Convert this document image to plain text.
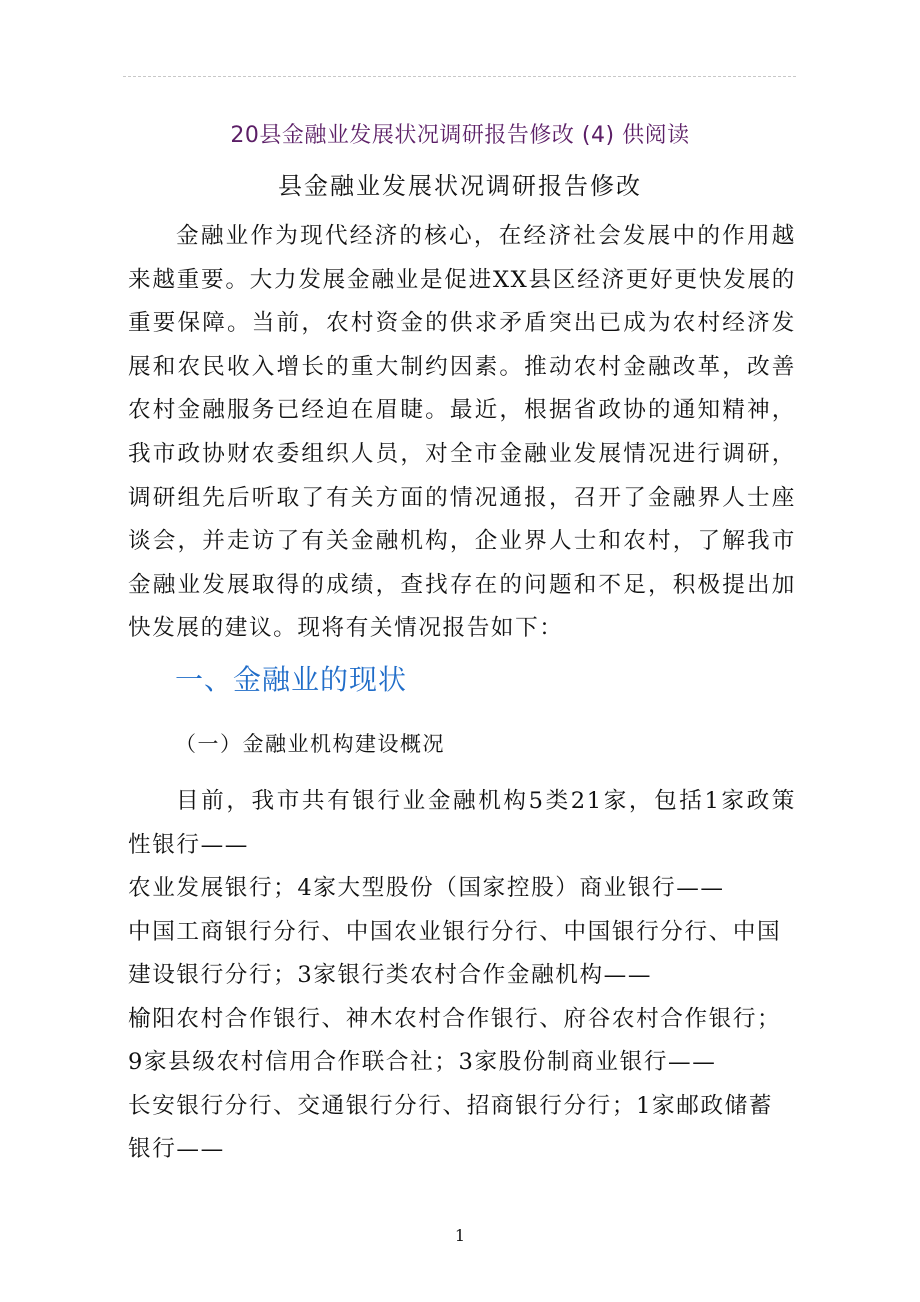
20县金融业发展状况调研报告修改 (4) 供阅读
县金融业发展状况调研报告修改

金融业作为现代经济的核心，在经济社会发展中的作用越来越重要。大力发展金融业是促进XX县区经济更好更快发展的重要保障。当前，农村资金的供求矛盾突出已成为农村经济发展和农民收入增长的重大制约因素。推动农村金融改革，改善农村金融服务已经迫在眉睫。最近，根据省政协的通知精神，我市政协财农委组织人员，对全市金融业发展情况进行调研，调研组先后听取了有关方面的情况通报，召开了金融界人士座谈会，并走访了有关金融机构，企业界人士和农村，了解我市金融业发展取得的成绩，查找存在的问题和不足，积极提出加快发展的建议。现将有关情况报告如下：

一、金融业的现状
（一）金融业机构建设概况

目前，我市共有银行业金融机构5类21家，包括1家政策性银行——

农业发展银行；4家大型股份（国家控股）商业银行——
中国工商银行分行、中国农业银行分行、中国银行分行、中国
建设银行分行；3家银行类农村合作金融机构——
榆阳农村合作银行、神木农村合作银行、府谷农村合作银行；
9家县级农村信用合作联合社；3家股份制商业银行——
长安银行分行、交通银行分行、招商银行分行；1家邮政储蓄
银行——
1
